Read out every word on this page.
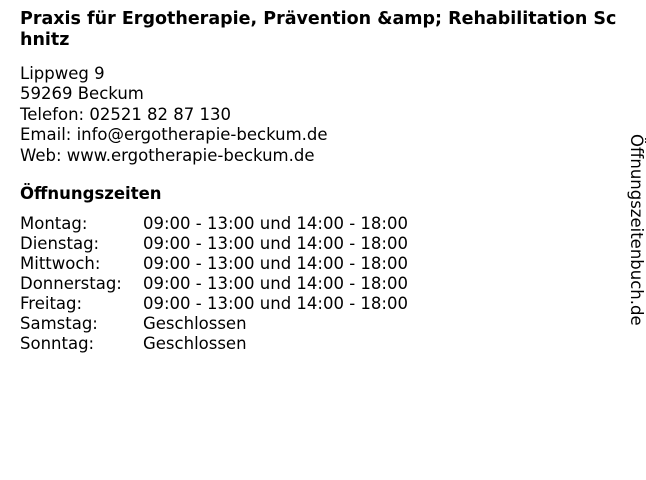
Praxis für Ergotherapie, Prävention &amp; Rehabilitation Schnitz
Lippweg 9
59269 Beckum
Telefon: 02521 82 87 130
Email: info@ergotherapie-beckum.de
Web: www.ergotherapie-beckum.de
Öffnungszeiten
Montag:	09:00 - 13:00 und 14:00 - 18:00
Dienstag:	09:00 - 13:00 und 14:00 - 18:00
Mittwoch:	09:00 - 13:00 und 14:00 - 18:00
Donnerstag:	09:00 - 13:00 und 14:00 - 18:00
Freitag:	09:00 - 13:00 und 14:00 - 18:00
Samstag:	Geschlossen
Sonntag:	Geschlossen
Öffnungszeitenbuch.de
